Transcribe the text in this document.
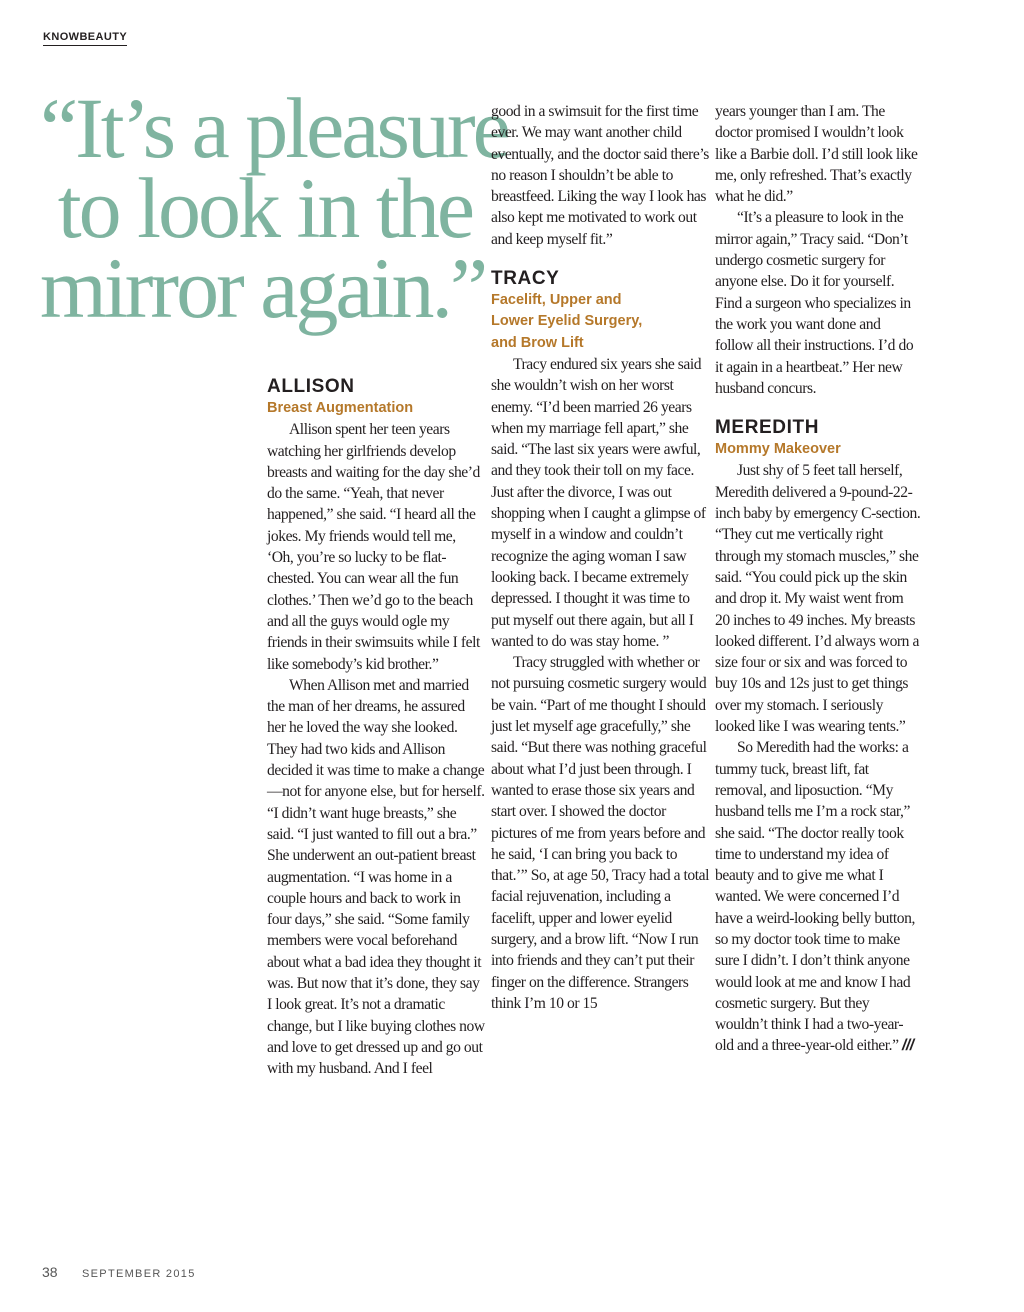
KNOWBEAUTY
“It’s a pleasure
to look in the
mirror again.”
ALLISON
Breast Augmentation

Allison spent her teen years watching her girlfriends develop breasts and waiting for the day she’d do the same. “Yeah, that never happened,” she said. “I heard all the jokes. My friends would tell me, ‘Oh, you’re so lucky to be flat-chested. You can wear all the fun clothes.’ Then we’d go to the beach and all the guys would ogle my friends in their swimsuits while I felt like somebody’s kid brother.”

When Allison met and married the man of her dreams, he assured her he loved the way she looked. They had two kids and Allison decided it was time to make a change—not for anyone else, but for herself. “I didn’t want huge breasts,” she said. “I just wanted to fill out a bra.” She underwent an out-patient breast augmentation. “I was home in a couple hours and back to work in four days,” she said. “Some family members were vocal beforehand about what a bad idea they thought it was. But now that it’s done, they say I look great. It’s not a dramatic change, but I like buying clothes now and love to get dressed up and go out with my husband. And I feel

good in a swimsuit for the first time ever. We may want another child eventually, and the doctor said there’s no reason I shouldn’t be able to breastfeed. Liking the way I look has also kept me motivated to work out and keep myself fit.”

TRACY
Facelift, Upper and
Lower Eyelid Surgery,
and Brow Lift

Tracy endured six years she said she wouldn’t wish on her worst enemy. “I’d been married 26 years when my marriage fell apart,” she said. “The last six years were awful, and they took their toll on my face. Just after the divorce, I was out shopping when I caught a glimpse of myself in a window and couldn’t recognize the aging woman I saw looking back. I became extremely depressed. I thought it was time to put myself out there again, but all I wanted to do was stay home. ”

Tracy struggled with whether or not pursuing cosmetic surgery would be vain. “Part of me thought I should just let myself age gracefully,” she said. “But there was nothing graceful about what I’d just been through. I wanted to erase those six years and start over. I showed the doctor pictures of me from years before and he said, ‘I can bring you back to that.’” So, at age 50, Tracy had a total facial rejuvenation, including a facelift, upper and lower eyelid surgery, and a brow lift. “Now I run into friends and they can’t put their finger on the difference. Strangers think I’m 10 or 15

years younger than I am. The doctor promised I wouldn’t look like a Barbie doll. I’d still look like me, only refreshed. That’s exactly what he did.”

“It’s a pleasure to look in the mirror again,” Tracy said. “Don’t undergo cosmetic surgery for anyone else. Do it for yourself. Find a surgeon who specializes in the work you want done and follow all their instructions. I’d do it again in a heartbeat.” Her new husband concurs.

MEREDITH
Mommy Makeover

Just shy of 5 feet tall herself, Meredith delivered a 9-pound-22-inch baby by emergency C-section. “They cut me vertically right through my stomach muscles,” she said. “You could pick up the skin and drop it. My waist went from 20 inches to 49 inches. My breasts looked different. I’d always worn a size four or six and was forced to buy 10s and 12s just to get things over my stomach. I seriously looked like I was wearing tents.”

So Meredith had the works: a tummy tuck, breast lift, fat removal, and liposuction. “My husband tells me I’m a rock star,” she said. “The doctor really took time to understand my idea of beauty and to give me what I wanted. We were concerned I’d have a weird-looking belly button, so my doctor took time to make sure I didn’t. I don’t think anyone would look at me and know I had cosmetic surgery. But they wouldn’t think I had a two-year-old and a three-year-old either.” ///

38 SEPTEMBER 2015
